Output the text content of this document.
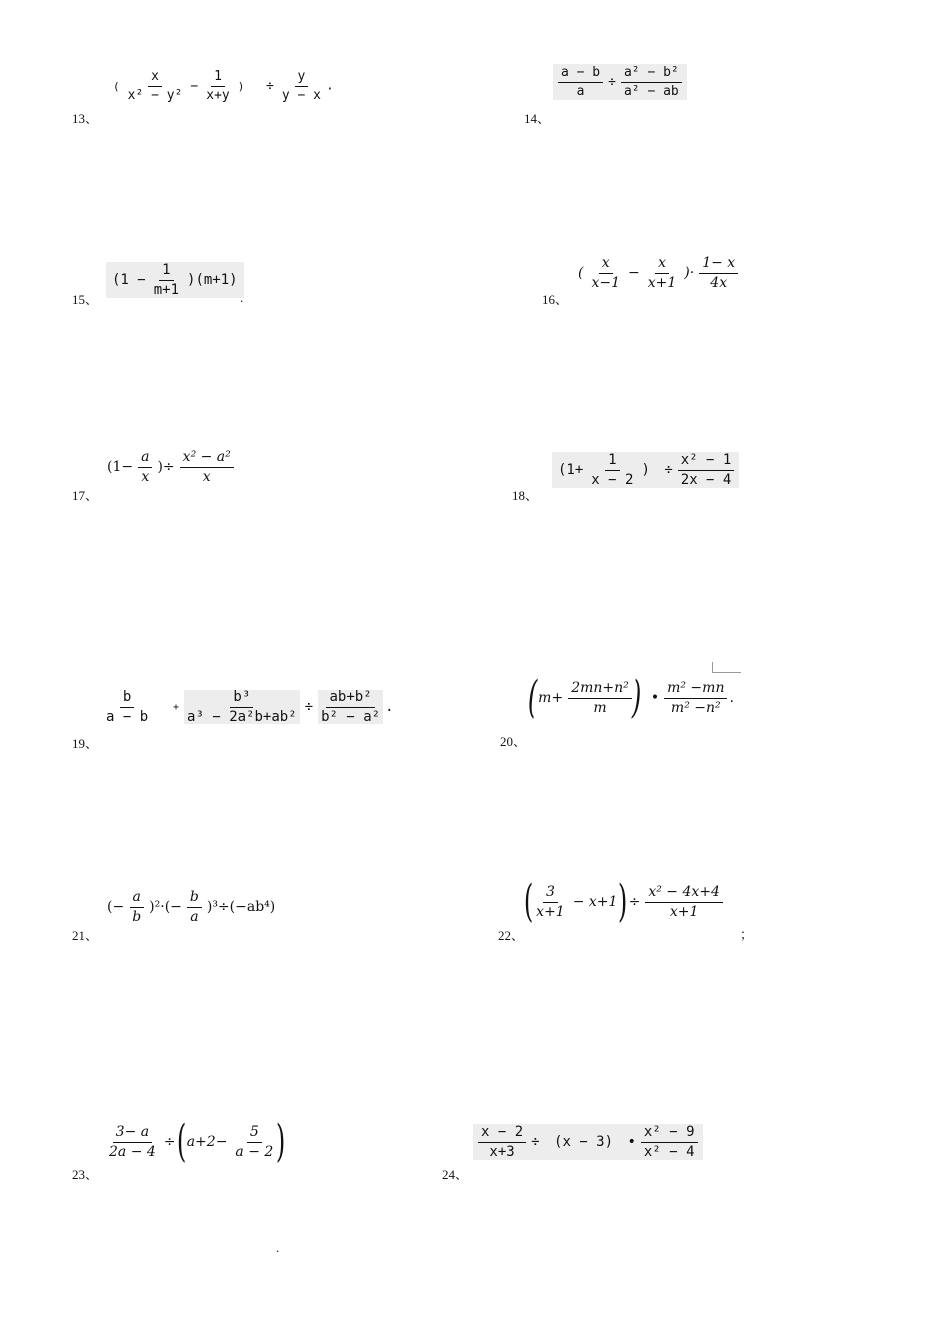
13、
( $\frac{x}{\text{x² − y²}} - \frac{1}{x+y}$ ) ÷ $\frac{y}{y - x}$ .
14、
$\frac{a - b}{a} \div \frac{\text{a² − b²}}{\text{a² − ab}}$
15、
$(1 - \frac{1}{m+1} )(m+1)$
.	16、
( $\frac{x}{x-1} - \frac{x}{x+1}$ )· $\frac{1- x}{4x}$
17、
($1- \frac{a}{x}$ )÷ $\frac{\text{x² − a²}}{x}$
18、
($1+ \frac{1}{x - 2}$ ) ÷ $\frac{\text{x² − 1}}{2x - 4}$
19、
$\frac{b}{a - b} + \frac{\text{b³}}{\text{a³ − 2a²b+ab²}} \div \frac{\text{ab+b²}}{\text{b² − a²}}$ .
20、
($m+ \frac{\text{2mn+n²}}{m}$ ) • $\frac{\text{m² −mn}}{\text{m² −n²}}$ .
21、
(− $\frac{a}{b} )^2\cdot(- \frac{b}{a} )^3\div(-ab^4)$
22、
( $\frac{3}{x+1} - x+1)\div \frac{\text{x² − 4x+4}}{x+1}$
；
23、
$\frac{3- a}{2a - 4} \div(a+2- \frac{5}{a - 2}$ )
24、
$\frac{x - 2}{x+3} \div (x - 3)$ • $\frac{\text{x² − 9}}{\text{x² − 4}}$
.
